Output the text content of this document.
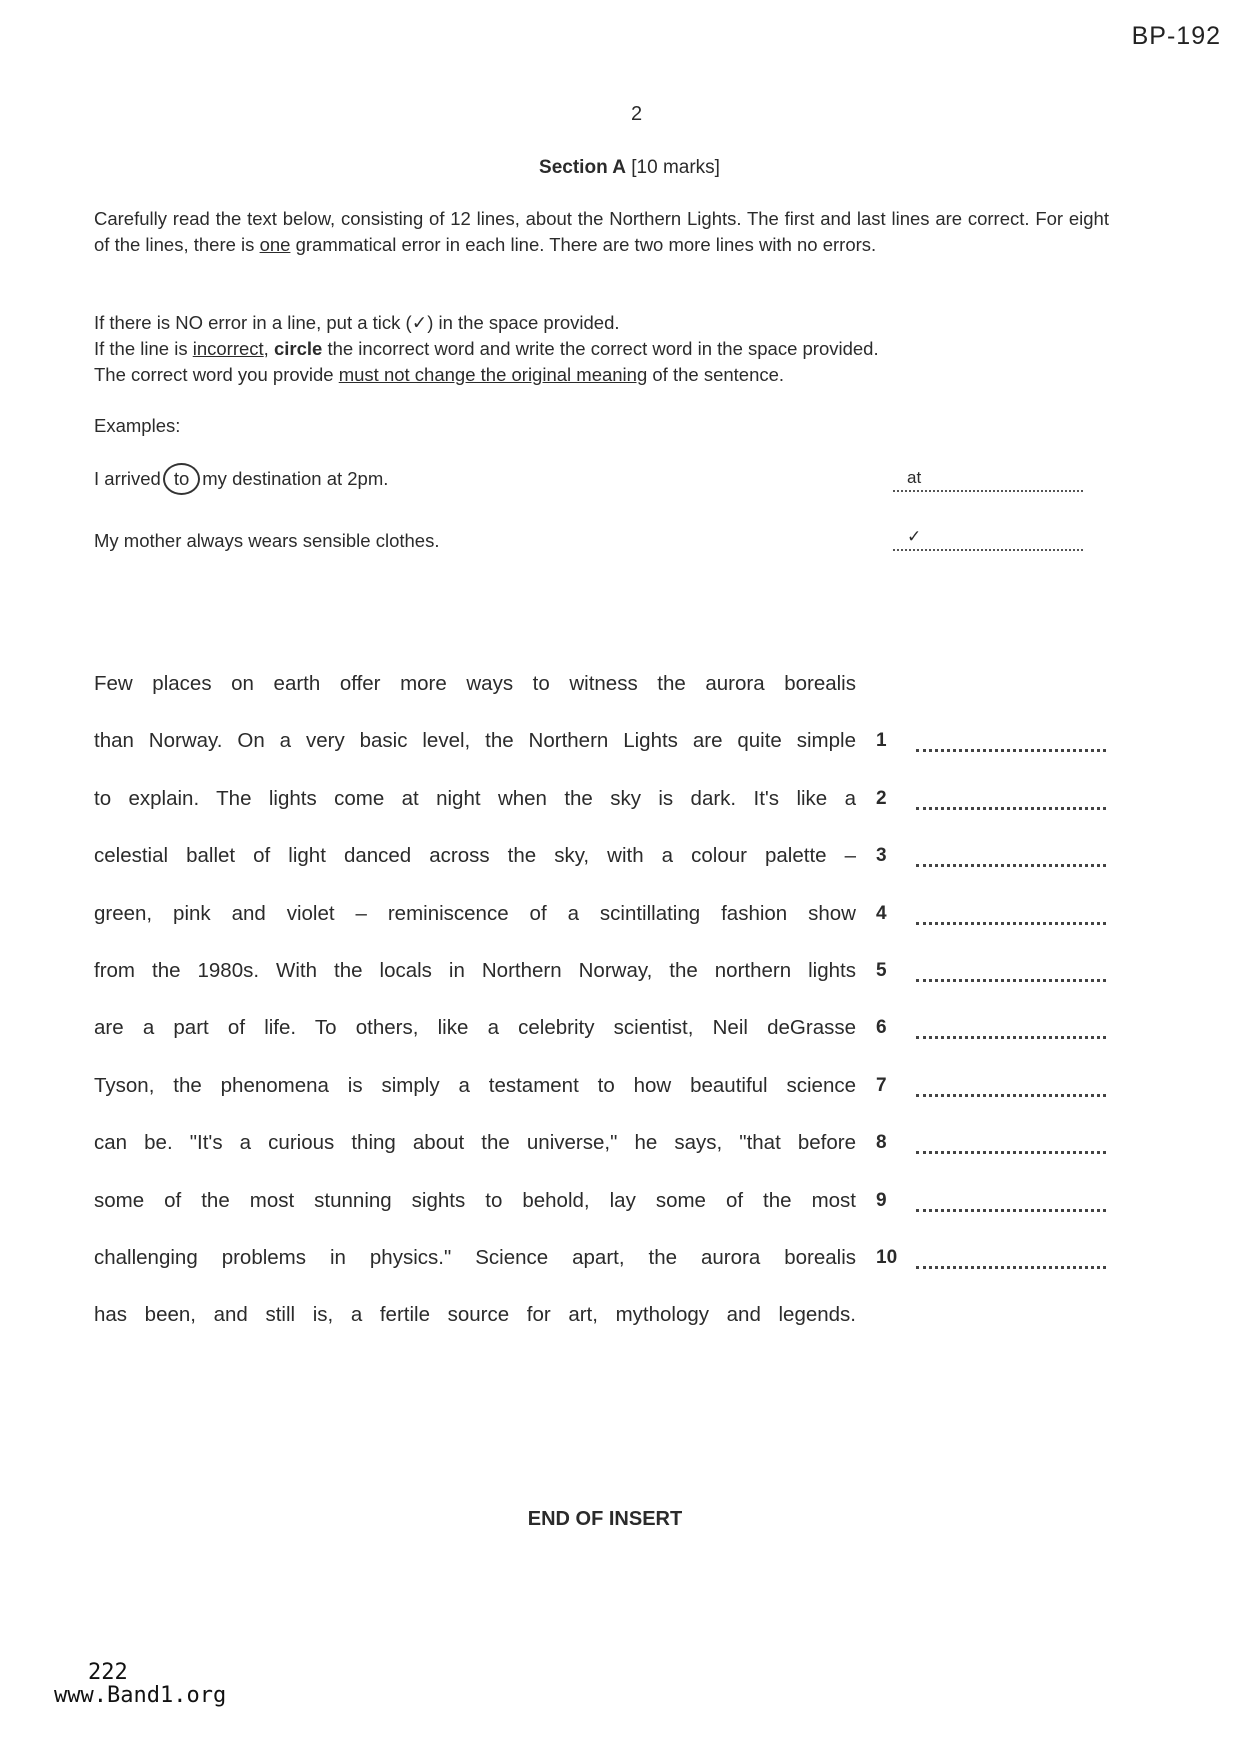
BP-192
2
Section A [10 marks]
Carefully read the text below, consisting of 12 lines, about the Northern Lights. The first and last lines are correct. For eight of the lines, there is one grammatical error in each line. There are two more lines with no errors.
If there is NO error in a line, put a tick (✓) in the space provided.
If the line is incorrect, circle the incorrect word and write the correct word in the space provided.
The correct word you provide must not change the original meaning of the sentence.
Examples:
I arrived to my destination at 2pm.	at
My mother always wears sensible clothes.	✓
Few places on earth offer more ways to witness the aurora borealis
than Norway. On a very basic level, the Northern Lights are quite simple 1
to explain. The lights come at night when the sky is dark. It's like a 2
celestial ballet of light danced across the sky, with a colour palette – 3
green, pink and violet – reminiscence of a scintillating fashion show 4
from the 1980s. With the locals in Northern Norway, the northern lights 5
are a part of life. To others, like a celebrity scientist, Neil deGrasse 6
Tyson, the phenomena is simply a testament to how beautiful science 7
can be. "It's a curious thing about the universe," he says, "that before 8
some of the most stunning sights to behold, lay some of the most 9
challenging problems in physics." Science apart, the aurora borealis 10
has been, and still is, a fertile source for art, mythology and legends.
END OF INSERT
222
www.Band1.org
